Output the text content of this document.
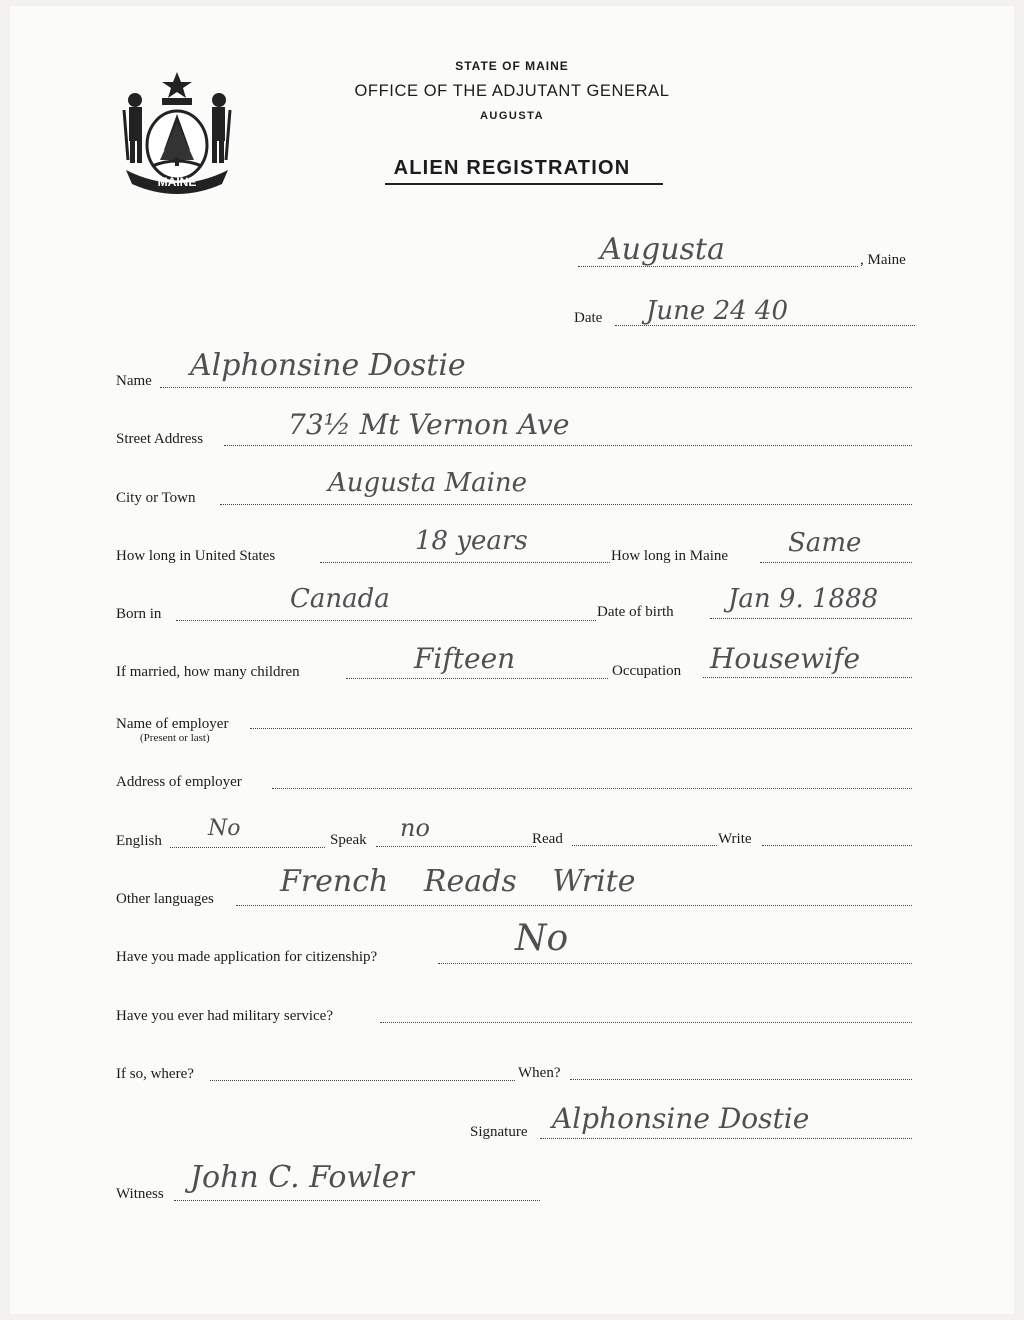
MAINE
STATE OF MAINE
OFFICE OF THE ADJUTANT GENERAL
AUGUSTA
ALIEN REGISTRATION
Augusta	, Maine
Date June 24 40
Name Alphonsine Dostie
Street Address	73½ Mt Vernon Ave
City or Town	Augusta Maine
How long in United States	18 years	How long in Maine Same
Born in	Canada	Date of birth Jan 9. 1888
If married, how many children	Fifteen	Occupation Housewife
Name of employer
(Present or last)
Address of employer
English No	Speak no	Read	Write
Other languages French Reads Write
Have you made application for citizenship?	No
Have you ever had military service?
If so, where?	When?
Signature Alphonsine Dostie
Witness John C. Fowler
